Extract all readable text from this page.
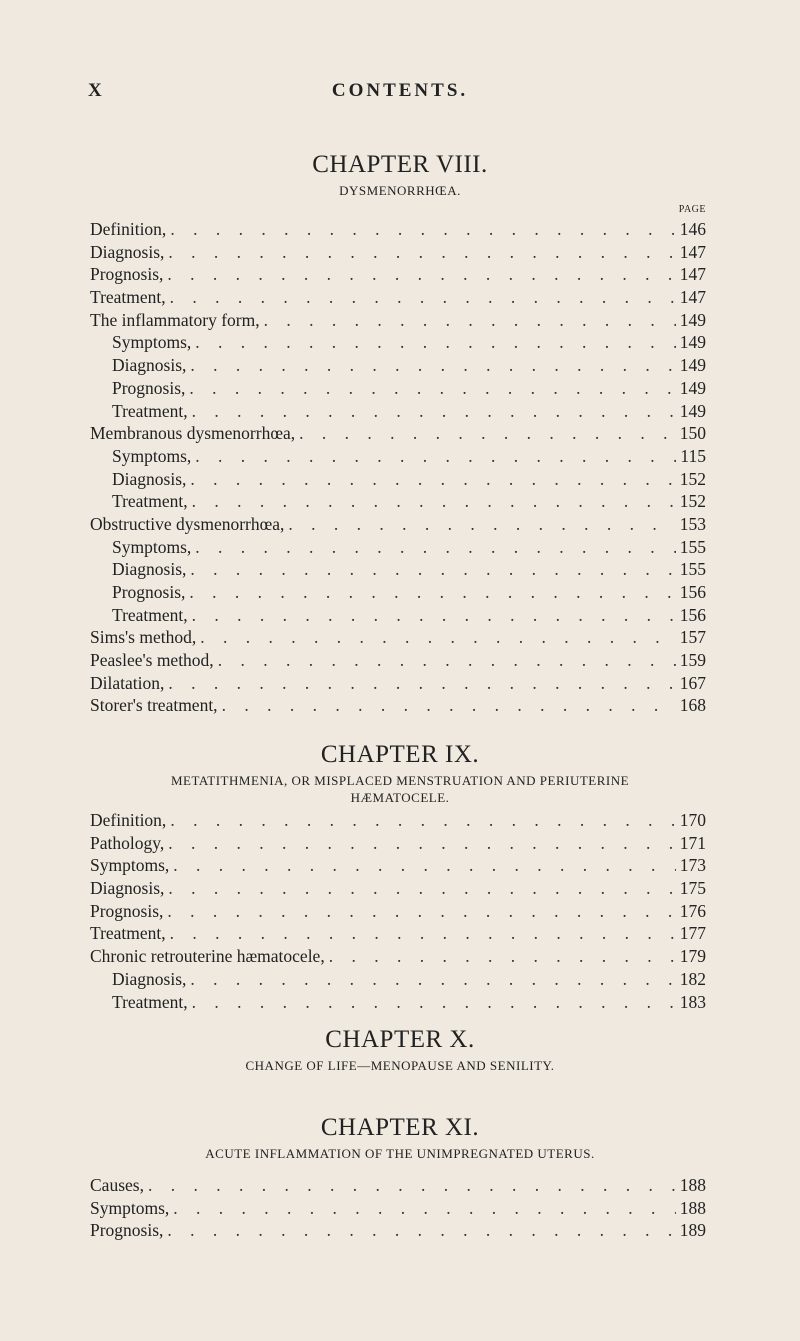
X	CONTENTS.
CHAPTER VIII.
DYSMENORRHŒA.
PAGE
Definition, . . .	146
Diagnosis, . . .	147
Prognosis, . . .	147
Treatment, . . .	147
The inflammatory form, . . .	149
Symptoms, . . .	149
Diagnosis, . . .	149
Prognosis, . . .	149
Treatment, . . .	149
Membranous dysmenorrhœa, . . .	150
Symptoms, . . .	115
Diagnosis, . . .	152
Treatment, . . .	152
Obstructive dysmenorrhœa, . . .	153
Symptoms, . . .	155
Diagnosis, . . .	155
Prognosis, . . .	156
Treatment, . . .	156
Sims's method, . . .	157
Peaslee's method, . . .	159
Dilatation, . . .	167
Storer's treatment, . . .	168
CHAPTER IX.
METATITHMENIA, OR MISPLACED MENSTRUATION AND PERIUTERINE
HÆMATOCELE.
Definition, . . .	170
Pathology, . . .	171
Symptoms, . . .	173
Diagnosis, . . .	175
Prognosis, . . .	176
Treatment, . . .	177
Chronic retrouterine hæmatocele, . . .	179
Diagnosis, . . .	182
Treatment, . . .	183
CHAPTER X.
CHANGE OF LIFE—MENOPAUSE AND SENILITY.
CHAPTER XI.
ACUTE INFLAMMATION OF THE UNIMPREGNATED UTERUS.
Causes, . . .	188
Symptoms, . . .	188
Prognosis, . . .	189
